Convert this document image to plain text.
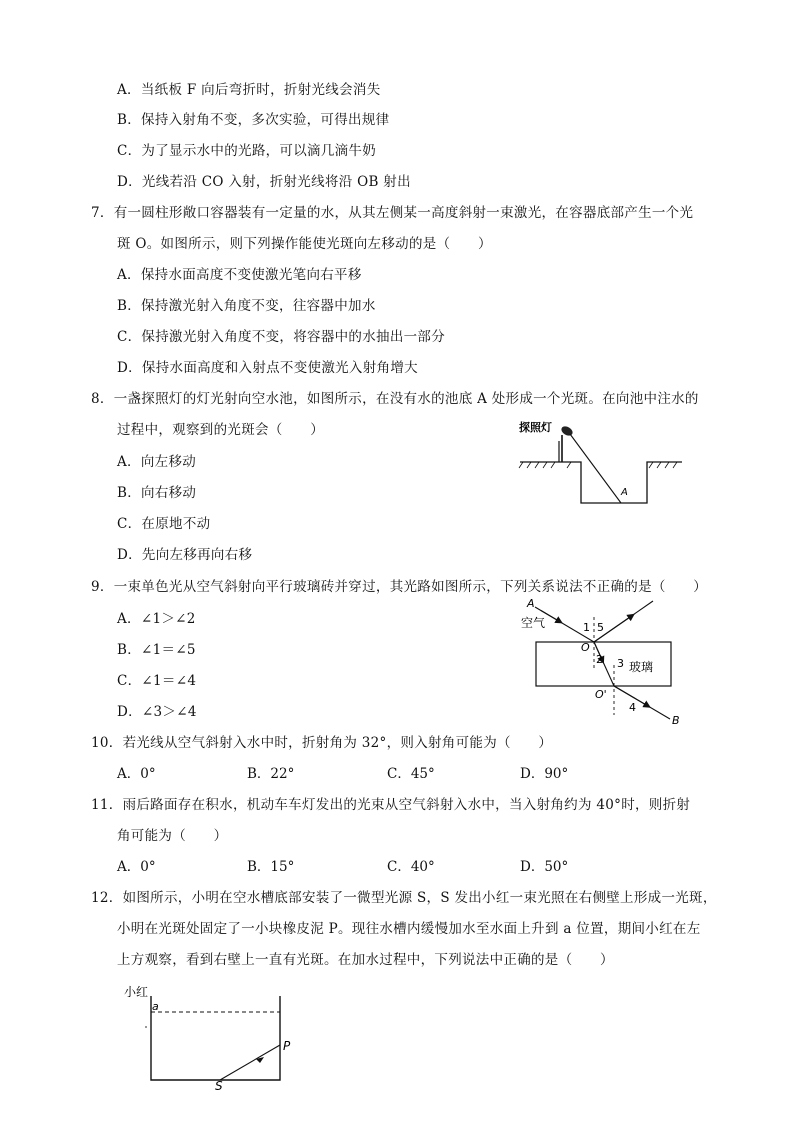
A．当纸板 F 向后弯折时，折射光线会消失
B．保持入射角不变，多次实验，可得出规律
C．为了显示水中的光路，可以滴几滴牛奶
D．光线若沿 CO 入射，折射光线将沿 OB 射出
7．有一圆柱形敞口容器装有一定量的水，从其左侧某一高度斜射一束激光，在容器底部产生一个光
斑 O。如图所示，则下列操作能使光斑向左移动的是（　　）
A．保持水面高度不变使激光笔向右平移
B．保持激光射入角度不变，往容器中加水
C．保持激光射入角度不变，将容器中的水抽出一部分
D．保持水面高度和入射点不变使激光入射角增大
8．一盏探照灯的灯光射向空水池，如图所示，在没有水的池底 A 处形成一个光斑。在向池中注水的
过程中，观察到的光斑会（　　）
A．向左移动
B．向右移动
C．在原地不动
D．先向左移再向右移
探照灯
A
9．一束单色光从空气斜射向平行玻璃砖并穿过，其光路如图所示，下列关系说法不正确的是（　　）
A．∠1＞∠2
B．∠1＝∠5
C．∠1＝∠4
D．∠3＞∠4
A
空气	1 5
O
2 3 玻璃
O'
4
B
10．若光线从空气斜射入水中时，折射角为 32°，则入射角可能为（　　）
A．0°	B．22°	C．45°	D．90°
11．雨后路面存在积水，机动车车灯发出的光束从空气斜射入水中，当入射角约为 40°时，则折射
角可能为（　　）
A．0°	B．15°	C．40°	D．50°
12．如图所示，小明在空水槽底部安装了一微型光源 S，S 发出小红一束光照在右侧壁上形成一光斑，
小明在光斑处固定了一小块橡皮泥 P。现往水槽内缓慢加水至水面上升到 a 位置，期间小红在左
上方观察，看到右壁上一直有光斑。在加水过程中，下列说法中正确的是（　　）
小红
a
P
S
